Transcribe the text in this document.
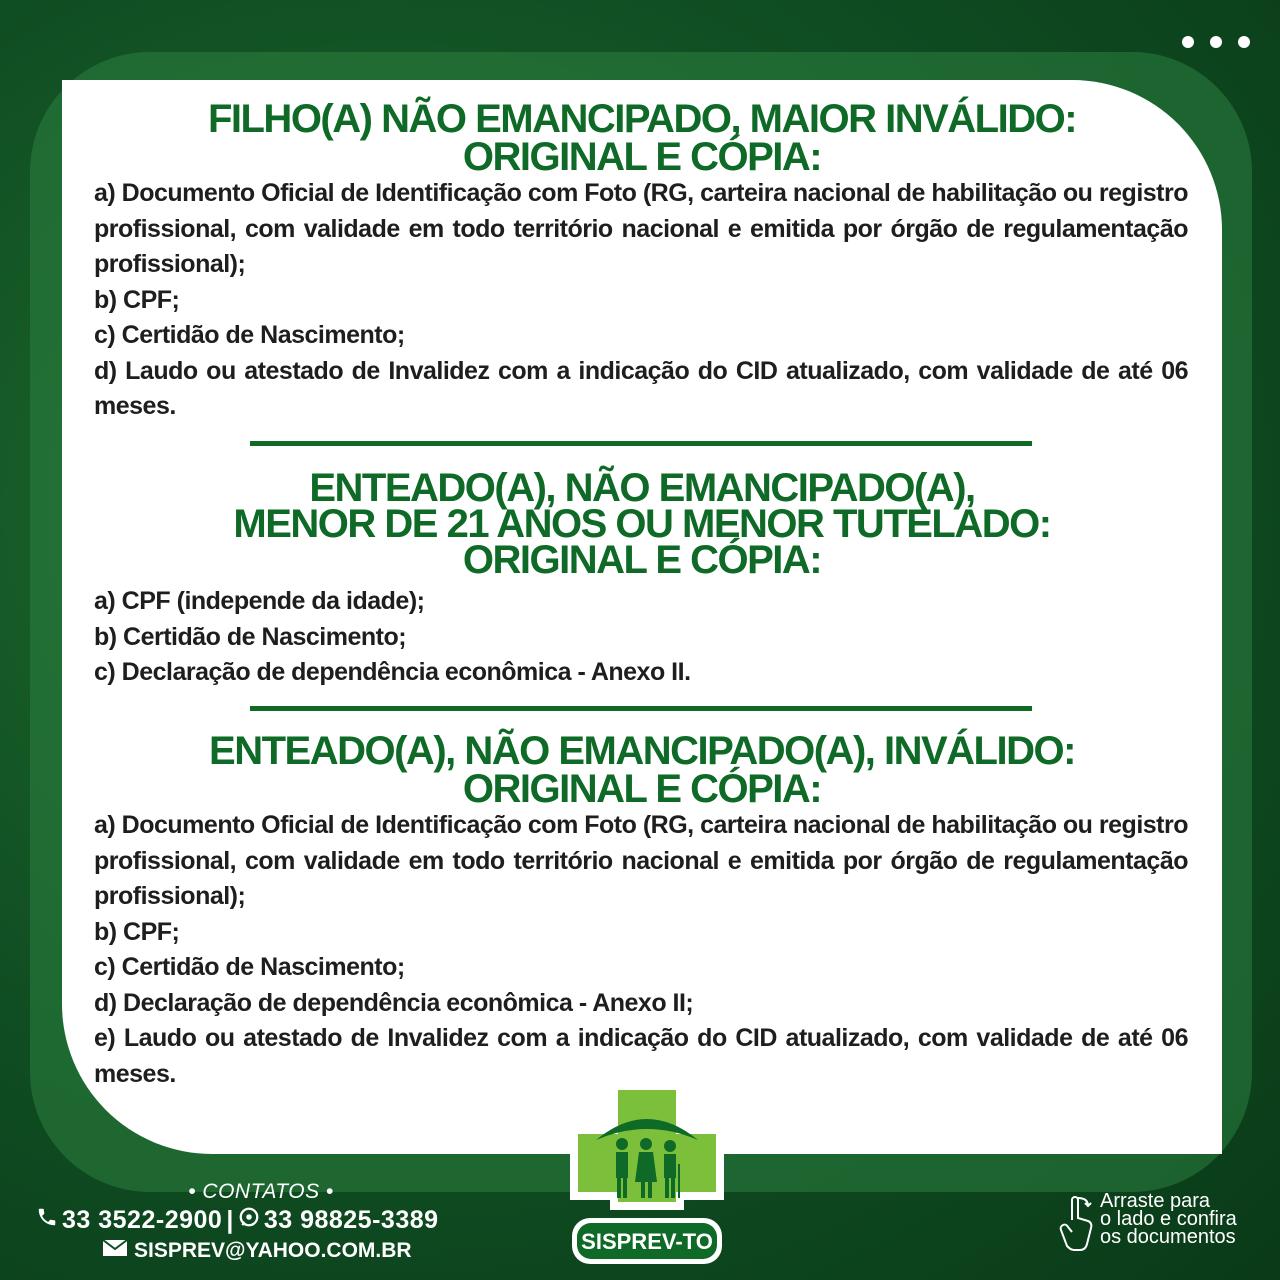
FILHO(A) NÃO EMANCIPADO, MAIOR INVÁLIDO:
ORIGINAL E CÓPIA:
a) Documento Oficial de Identificação com Foto (RG, carteira nacional de habilitação ou registro profissional, com validade em todo território nacional e emitida por órgão de regulamentação profissional);
b) CPF;
c) Certidão de Nascimento;
d) Laudo ou atestado de Invalidez com a indicação do CID atualizado, com validade de até 06 meses.
ENTEADO(A), NÃO EMANCIPADO(A),
MENOR DE 21 ANOS OU MENOR TUTELADO:
ORIGINAL E CÓPIA:
a) CPF (independe da idade);
b) Certidão de Nascimento;
c) Declaração de dependência econômica - Anexo II.
ENTEADO(A), NÃO EMANCIPADO(A), INVÁLIDO:
ORIGINAL E CÓPIA:
a) Documento Oficial de Identificação com Foto (RG, carteira nacional de habilitação ou registro profissional, com validade em todo território nacional e emitida por órgão de regulamentação profissional);
b) CPF;
c) Certidão de Nascimento;
d) Declaração de dependência econômica - Anexo II;
e) Laudo ou atestado de Invalidez com a indicação do CID atualizado, com validade de até 06 meses.
• CONTATOS •
33 3522-2900 | 33 98825-3389
SISPREV@YAHOO.COM.BR	SISPREV-TO
Arraste para
o lado e confira
os documentos
